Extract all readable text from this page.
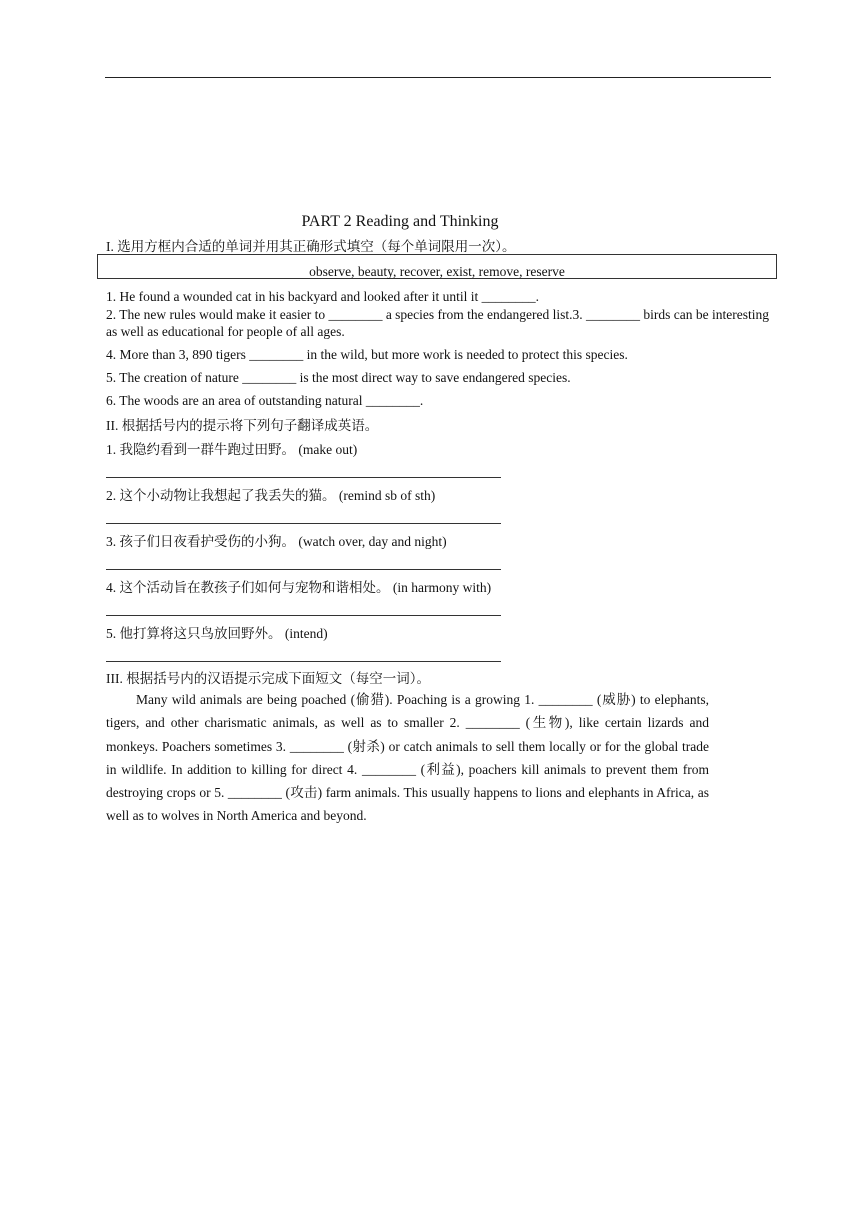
PART 2 Reading and Thinking
I. 选用方框内合适的单词并用其正确形式填空（每个单词限用一次）。
observe, beauty, recover, exist, remove, reserve
1. He found a wounded cat in his backyard and looked after it until it ________.
2. The new rules would make it easier to ________ a species from the endangered list.3. ________ birds can be interesting as well as educational for people of all ages.
4. More than 3, 890 tigers ________ in the wild, but more work is needed to protect this species.
5. The creation of nature ________ is the most direct way to save endangered species.
6. The woods are an area of outstanding natural ________.
II. 根据括号内的提示将下列句子翻译成英语。
1. 我隐约看到一群牛跑过田野。 (make out)
2. 这个小动物让我想起了我丢失的猫。 (remind sb of sth)
3. 孩子们日夜看护受伤的小狗。 (watch over, day and night)
4. 这个活动旨在教孩子们如何与宠物和谐相处。 (in harmony with)
5. 他打算将这只鸟放回野外。 (intend)
III. 根据括号内的汉语提示完成下面短文（每空一词）。
Many wild animals are being poached (偷猎). Poaching is a growing 1. ________ (威胁) to elephants, tigers, and other charismatic animals, as well as to smaller 2. ________ (生物), like certain lizards and monkeys. Poachers sometimes 3. ________ (射杀) or catch animals to sell them locally or for the global trade in wildlife. In addition to killing for direct 4. ________ (利益), poachers kill animals to prevent them from destroying crops or 5. ________ (攻击) farm animals. This usually happens to lions and elephants in Africa, as well as to wolves in North America and beyond.
